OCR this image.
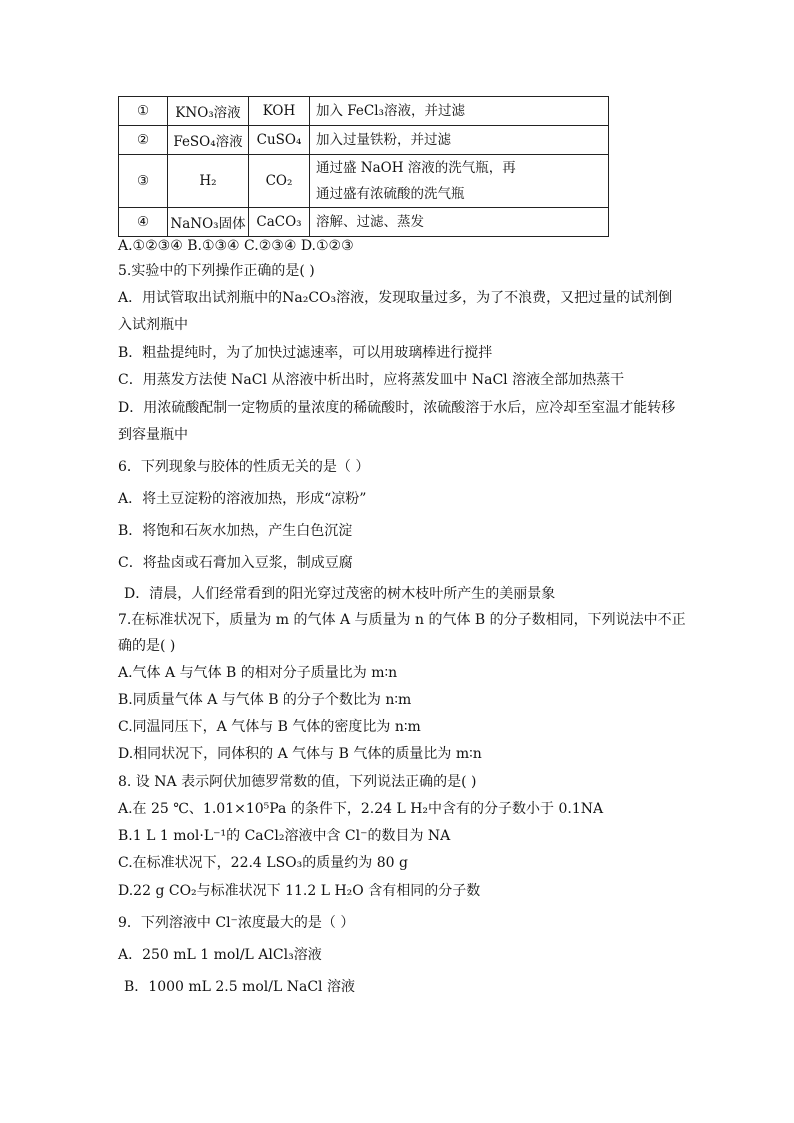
①	KNO₃溶液	KOH	加入 FeCl₃溶液，并过滤

②	FeSO₄溶液	CuSO₄	加入过量铁粉，并过滤

③	H₂	CO₂	通过盛 NaOH 溶液的洗气瓶，再
通过盛有浓硫酸的洗气瓶

④	NaNO₃固体	CaCO₃	溶解、过滤、蒸发
A.①②③④ B.①③④ C.②③④ D.①②③
5.实验中的下列操作正确的是( )
A．用试管取出试剂瓶中的Na₂CO₃溶液，发现取量过多，为了不浪费，又把过量的试剂倒
入试剂瓶中
B．粗盐提纯时，为了加快过滤速率，可以用玻璃棒进行搅拌
C．用蒸发方法使 NaCl 从溶液中析出时，应将蒸发皿中 NaCl 溶液全部加热蒸干
D．用浓硫酸配制一定物质的量浓度的稀硫酸时，浓硫酸溶于水后，应冷却至室温才能转移
到容量瓶中
6．下列现象与胶体的性质无关的是（ ）
A．将土豆淀粉的溶液加热，形成“凉粉”
B．将饱和石灰水加热，产生白色沉淀
C．将盐卤或石膏加入豆浆，制成豆腐
D．清晨，人们经常看到的阳光穿过茂密的树木枝叶所产生的美丽景象
7.在标准状况下，质量为 m 的气体 A 与质量为 n 的气体 B 的分子数相同，下列说法中不正
确的是( )
A.气体 A 与气体 B 的相对分子质量比为 m∶n
B.同质量气体 A 与气体 B 的分子个数比为 n∶m
C.同温同压下，A 气体与 B 气体的密度比为 n∶m
D.相同状况下，同体积的 A 气体与 B 气体的质量比为 m∶n
8. 设 NA 表示阿伏加德罗常数的值，下列说法正确的是( )
A.在 25 ℃、1.01×10⁵Pa 的条件下，2.24 L H₂中含有的分子数小于 0.1NA
B.1 L 1 mol·L⁻¹的 CaCl₂溶液中含 Cl⁻的数目为 NA
C.在标准状况下，22.4 LSO₃的质量约为 80 g
D.22 g CO₂与标准状况下 11.2 L H₂O 含有相同的分子数
9．下列溶液中 Cl⁻浓度最大的是（ ）
A．250 mL 1 mol/L AlCl₃溶液
B．1000 mL 2.5 mol/L NaCl 溶液
